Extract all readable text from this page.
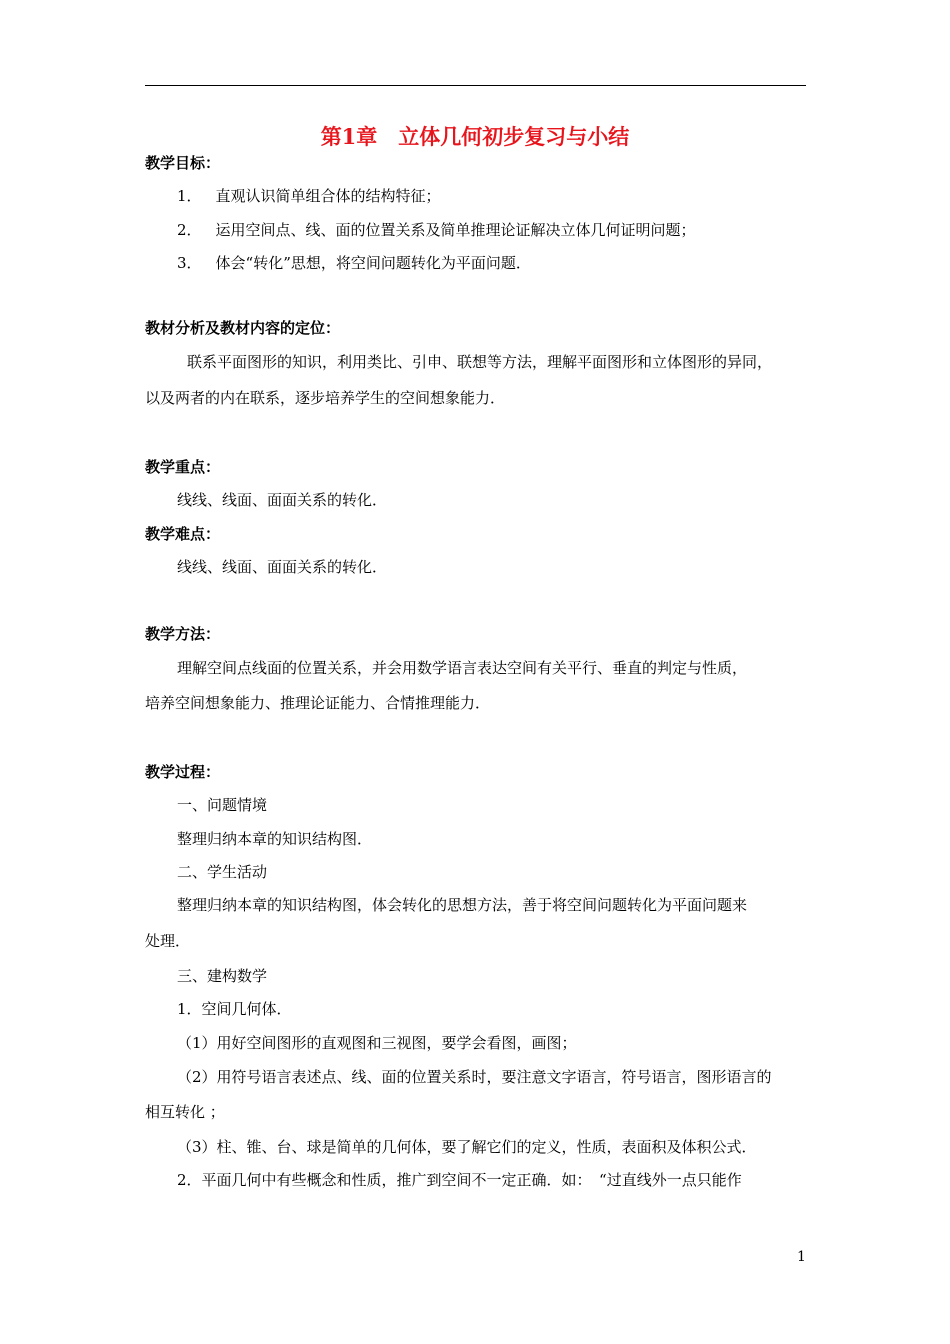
第1章　立体几何初步复习与小结
教学目标：
1． 直观认识简单组合体的结构特征；
2． 运用空间点、线、面的位置关系及简单推理论证解决立体几何证明问题；
3． 体会“转化”思想，将空间问题转化为平面问题．
教材分析及教材内容的定位：
联系平面图形的知识，利用类比、引申、联想等方法，理解平面图形和立体图形的异同，
以及两者的内在联系，逐步培养学生的空间想象能力．
教学重点：
线线、线面、面面关系的转化．
教学难点：
线线、线面、面面关系的转化．
教学方法：
理解空间点线面的位置关系，并会用数学语言表达空间有关平行、垂直的判定与性质，
培养空间想象能力、推理论证能力、合情推理能力．
教学过程：
一、问题情境
整理归纳本章的知识结构图．
二、学生活动
整理归纳本章的知识结构图，体会转化的思想方法，善于将空间问题转化为平面问题来
处理．
三、建构数学
1．空间几何体．
（1）用好空间图形的直观图和三视图，要学会看图，画图；
（2）用符号语言表述点、线、面的位置关系时，要注意文字语言，符号语言，图形语言的
相互转化 ；
（3）柱、锥、台、球是简单的几何体，要了解它们的定义，性质，表面积及体积公式．
2．平面几何中有些概念和性质，推广到空间不一定正确．如：　“过直线外一点只能作
1
